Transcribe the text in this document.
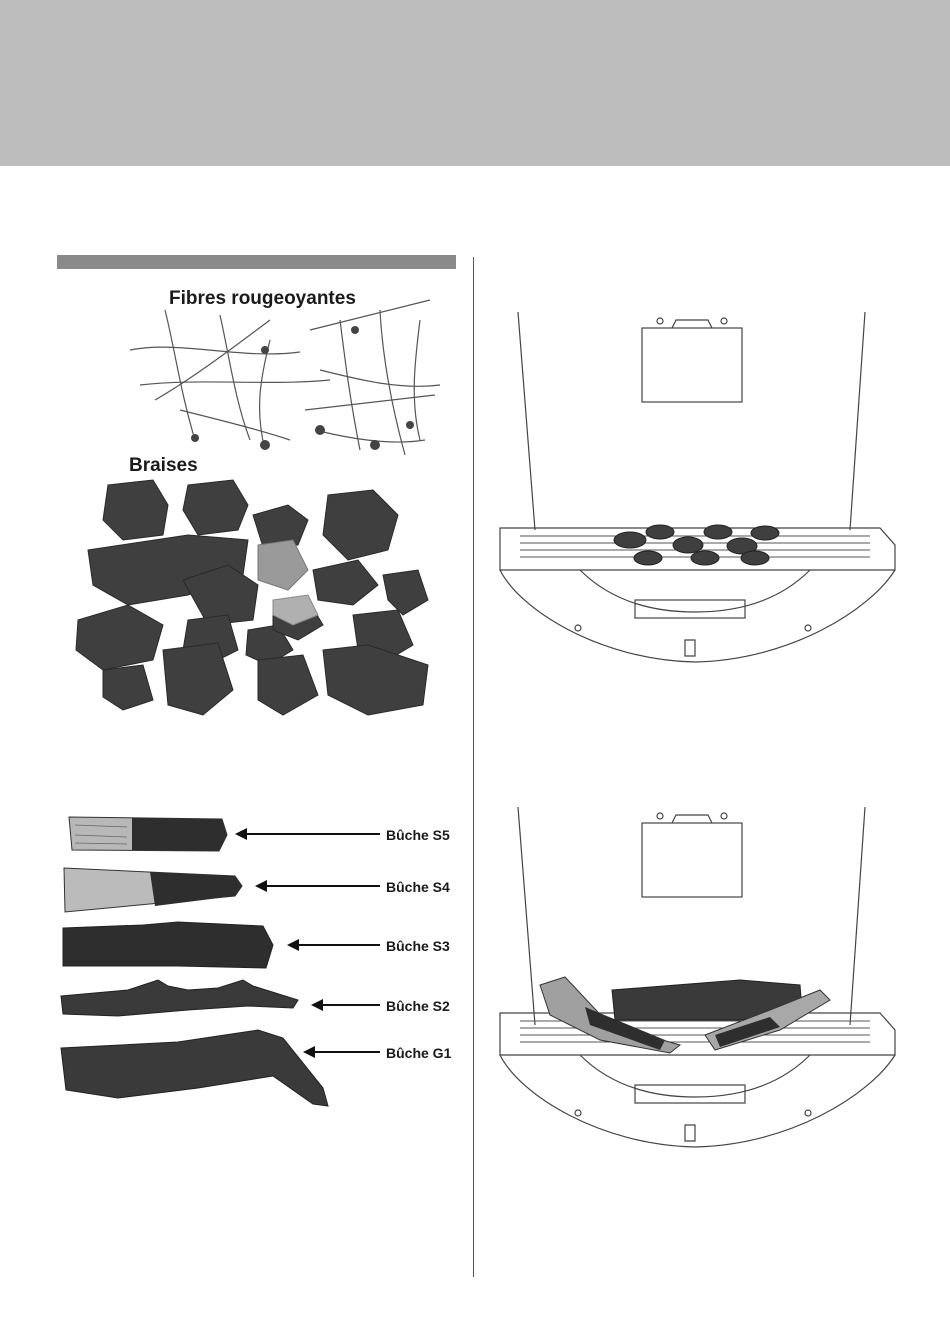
Fibres rougeoyantes
Braises
Bûche S5
Bûche S4
Bûche S3
Bûche S2
Bûche G1
